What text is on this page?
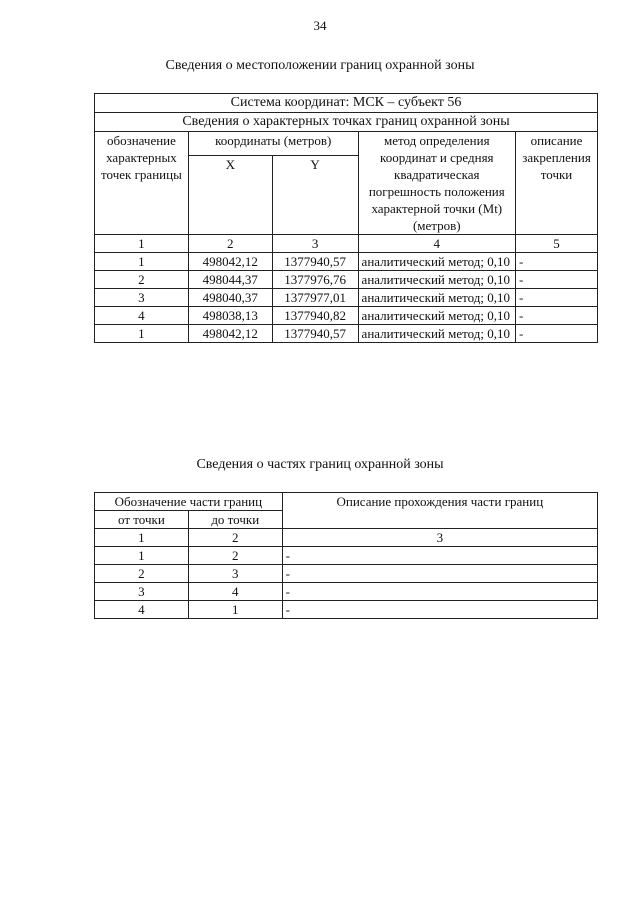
34
Сведения о местоположении границ охранной зоны
Система координат: МСК – субъект 56				
Сведения о характерных точках границ охранной зоны				
обозначение характерных точек границы	координаты (метров)		метод определения координат и средняя квадратическая погрешность положения характерной точки (Mt) (метров)	описание закрепления точки
	X	Y		
1	2	3	4	5
1	498042,12	1377940,57	аналитический метод; 0,10	-
2	498044,37	1377976,76	аналитический метод; 0,10	-
3	498040,37	1377977,01	аналитический метод; 0,10	-
4	498038,13	1377940,82	аналитический метод; 0,10	-
1	498042,12	1377940,57	аналитический метод; 0,10	-
Сведения о частях границ охранной зоны
Обозначение части границ		Описание прохождения части границ
от точки	до точки	
1	2	3
1	2	-
2	3	-
3	4	-
4	1	-
